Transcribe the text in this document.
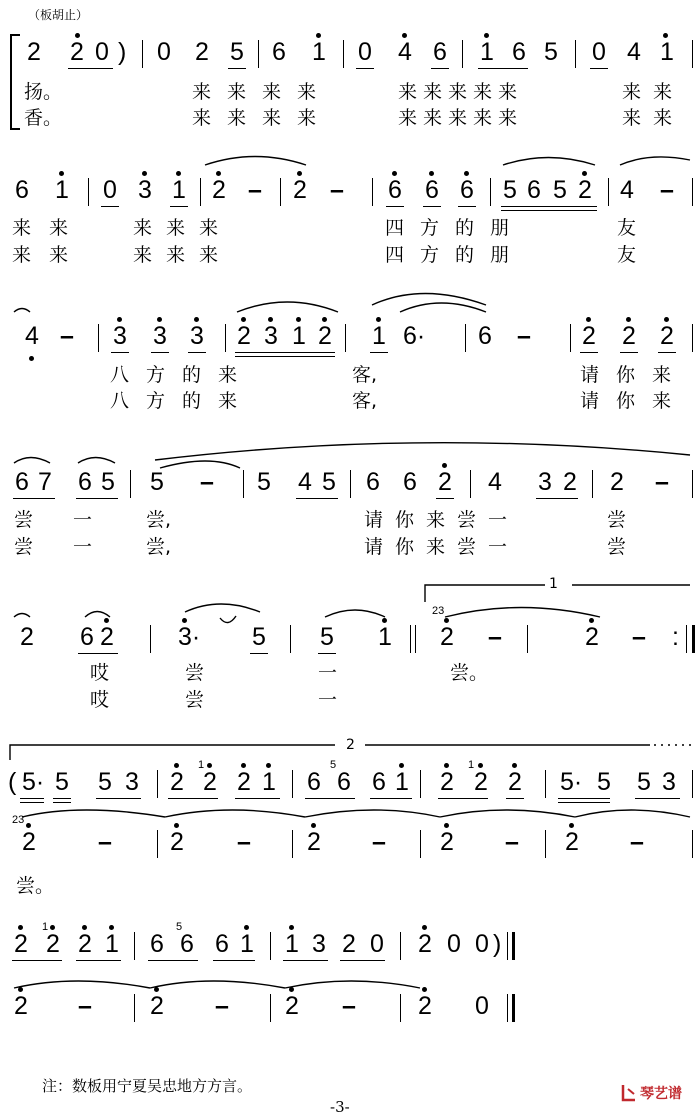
（板胡止）
2 2 0 ) 0 2 5 6 1 0 4 6 1 6 5 0 4 1
扬。	来来来来	来来来来来	来来
香。	来来来来	来来来来来	来来
6 1 0 3 1 2 – 2 – 6 6 6 5 6 5 2 4 –
来来 来来来	四方的朋	友
来来 来来来	四方的朋	友
4 – 3 3 3 2 3 1 2 1 6· 6 – 2 2 2
八方的来	客,	请你来
八方的来	客,	请你来
6 7 6 5 5 – 5 4 5 6 6 2 4 3 2 2 –
尝一 尝,	请你来尝一	尝
尝一 尝,	请你来尝一	尝
1
2 6 2	3· 5 5 1
23
2 –	2 – :
哎	尝	一	尝。
哎	尝	一
2
( 5· 5 5 3 2
1
2 2 1 6
5
6 6 1 2
1
2 2 5· 5 5 3
23
2 – 2 – 2 – 2 – 2 –
尝。
2
1
2 2 1 6
5
6 6 1 1 3 2 0 2 0 0 )
2 – 2 – 2 – 2 0
注：数板用宁夏吴忠地方方言。
-3-
琴艺谱
